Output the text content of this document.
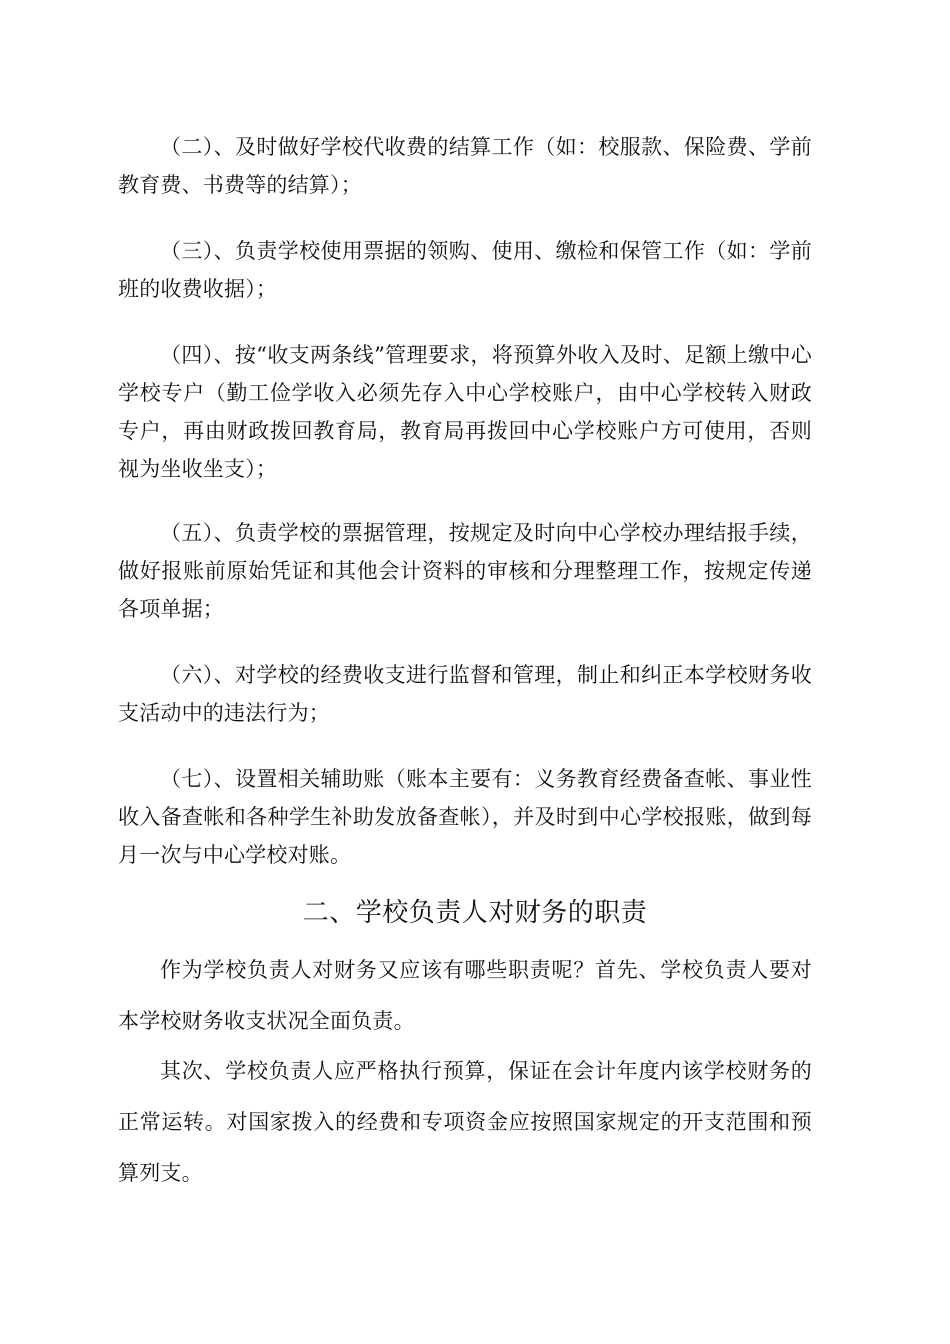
（二）、及时做好学校代收费的结算工作（如：校服款、保险费、学前教育费、书费等的结算）；

（三）、负责学校使用票据的领购、使用、缴检和保管工作（如：学前班的收费收据）；

（四）、按“收支两条线”管理要求，将预算外收入及时、足额上缴中心学校专户（勤工俭学收入必须先存入中心学校账户，由中心学校转入财政专户，再由财政拨回教育局，教育局再拨回中心学校账户方可使用，否则视为坐收坐支）；

（五）、负责学校的票据管理，按规定及时向中心学校办理结报手续，做好报账前原始凭证和其他会计资料的审核和分理整理工作，按规定传递各项单据；

（六）、对学校的经费收支进行监督和管理，制止和纠正本学校财务收支活动中的违法行为；

（七）、设置相关辅助账（账本主要有：义务教育经费备查帐、事业性收入备查帐和各种学生补助发放备查帐），并及时到中心学校报账，做到每月一次与中心学校对账。

二、学校负责人对财务的职责

作为学校负责人对财务又应该有哪些职责呢？首先、学校负责人要对本学校财务收支状况全面负责。

其次、学校负责人应严格执行预算，保证在会计年度内该学校财务的正常运转。对国家拨入的经费和专项资金应按照国家规定的开支范围和预算列支。
